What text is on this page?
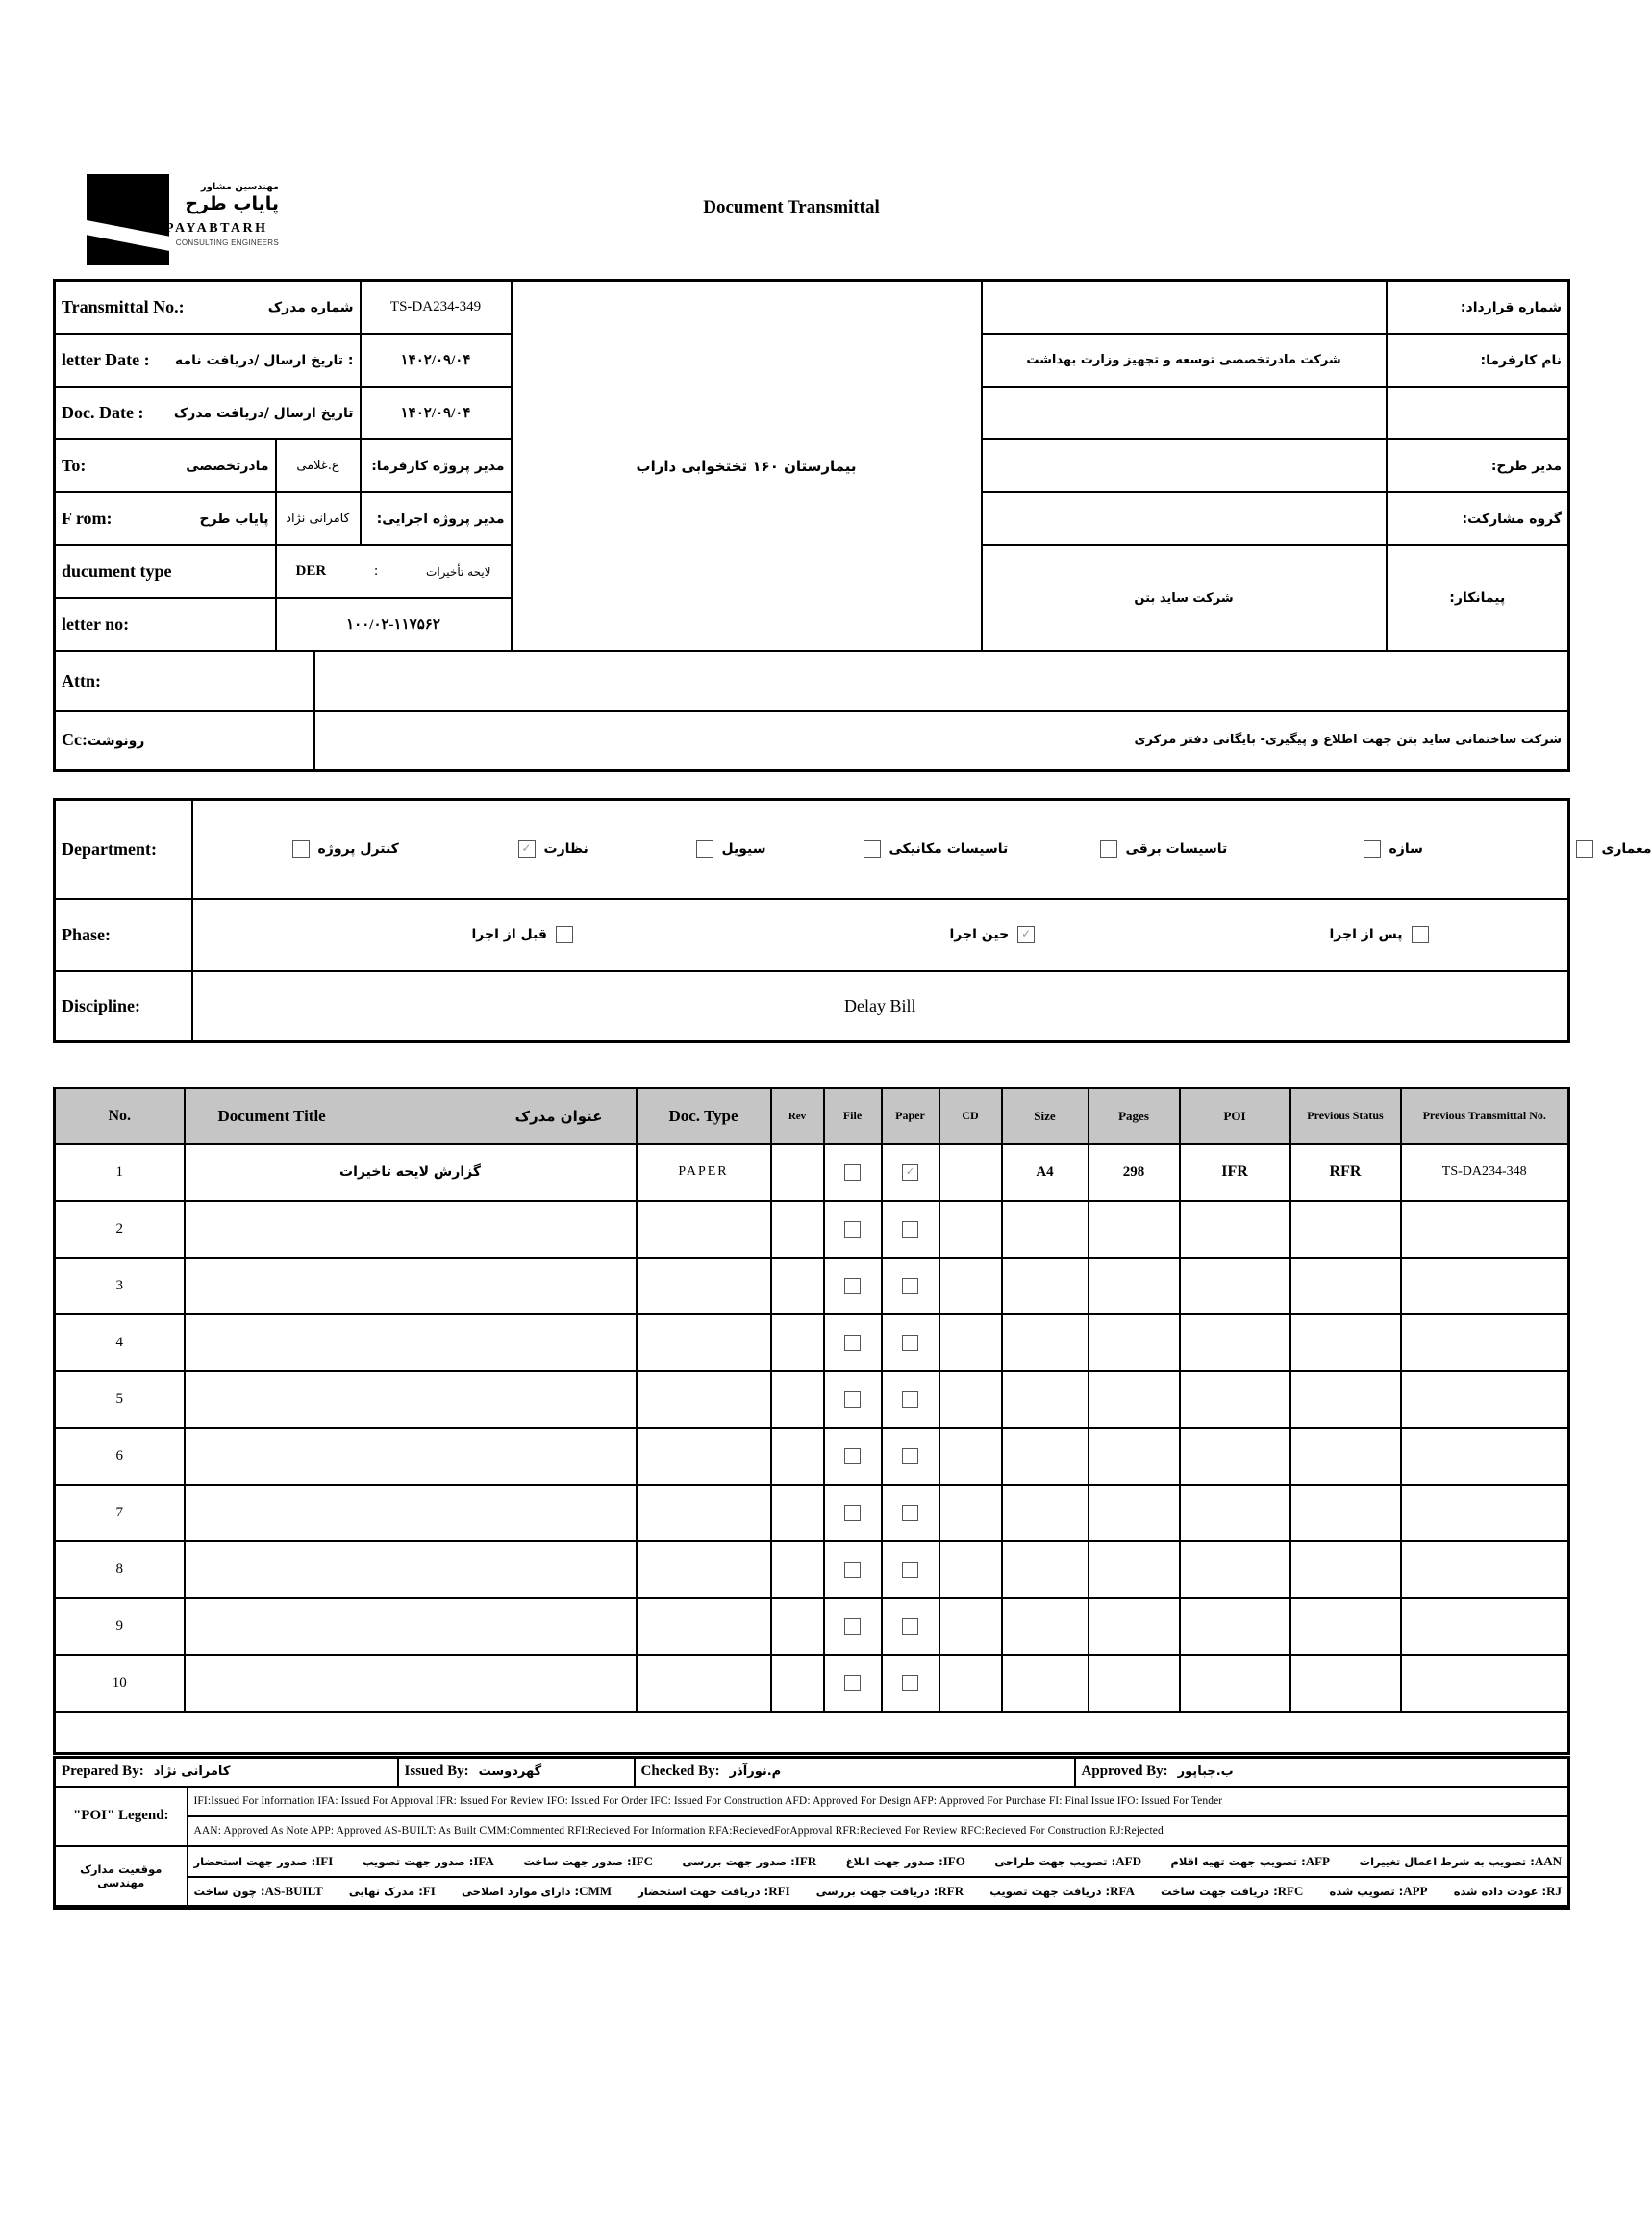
مهندسین مشاور
پایاب طرح
PAYABTARH
CONSULTING ENGINEERS
Document Transmittal
Transmittal No.: شماره مدرک			TS-DA234-349	بیمارستان ۱۶۰ تختخوابی داراب		شماره قرارداد:

letter Date : تاریخ ارسال /دریافت نامه :			۱۴۰۲/۰۹/۰۴		شرکت مادرتخصصی توسعه و تجهیز وزارت بهداشت	نام کارفرما:

Doc. Date : تاریخ ارسال /دریافت مدرک			۱۴۰۲/۰۹/۰۴			

To: مادرتخصصی	ع.غلامی		مدیر پروژه کارفرما:			مدیر طرح:

F rom: پایاب طرح	کامرانی نژاد		مدیر پروژه اجرایی:			گروه مشارکت:
ducument type	DER : لایحه تأخیرات				شرکت ساید بتن	پیمانکار:
letter no:	۱۰۰/۰۲-۱۱۷۵۶۲					
Attn:						
Cc:رونوشت		شرکت ساختمانی ساید بتن جهت اطلاع و پیگیری- بایگانی دفتر مرکزی				
Department:	کنترل پروژه	✓ نظارت	سیویل	تاسیسات مکانیکی	تاسیسات برقی	سازه	معماری

Phase:	قبل از اجرا حین اجرا ✓ پس از اجرا

Discipline:	Delay Bill
No.	Document Title عنوان مدرک	Doc. Type	Rev	File	Paper	CD	Size	Pages	POI	Previous Status	Previous Transmittal No.
1	گزارش لایحه تاخیرات	PAPER			✓		A4	298	IFR	RFR	TS-DA234-348
2											
3											
4											
5											
6											
7											
8											
9											
10											

Prepared By: کامرانی نژاد		Issued By: گهردوست	Checked By: م.نورآذر	Approved By: ب.جباپور

"POI" Legend:	IFI:Issued For Information IFA: Issued For Approval IFR: Issued For Review IFO: Issued For Order IFC: Issued For Construction AFD: Approved For Design AFP: Approved For Purchase FI: Final Issue IFO: Issued For Tender			
	AAN: Approved As Note APP: Approved AS-BUILT: As Built CMM:Commented RFI:Recieved For Information RFA:RecievedForApproval RFR:Recieved For Review RFC:Recieved For Construction RJ:Rejected			
موقعیت مدارک مهندسی	
AAN: تصویب به شرط اعمال تغییرات
AFP: تصویب جهت تهیه اقلام
AFD: تصویب جهت طراحی
IFO: صدور جهت ابلاغ
IFR: صدور جهت بررسی
IFC: صدور جهت ساخت
IFA: صدور جهت تصویب
IFI: صدور جهت استحضار

RJ: عودت داده شده
APP: تصویب شده
RFC: دریافت جهت ساخت
RFA: دریافت جهت تصویب
RFR: دریافت جهت بررسی
RFI: دریافت جهت استحضار
CMM: دارای موارد اصلاحی
FI: مدرک نهایی
AS-BUILT: چون ساخت
